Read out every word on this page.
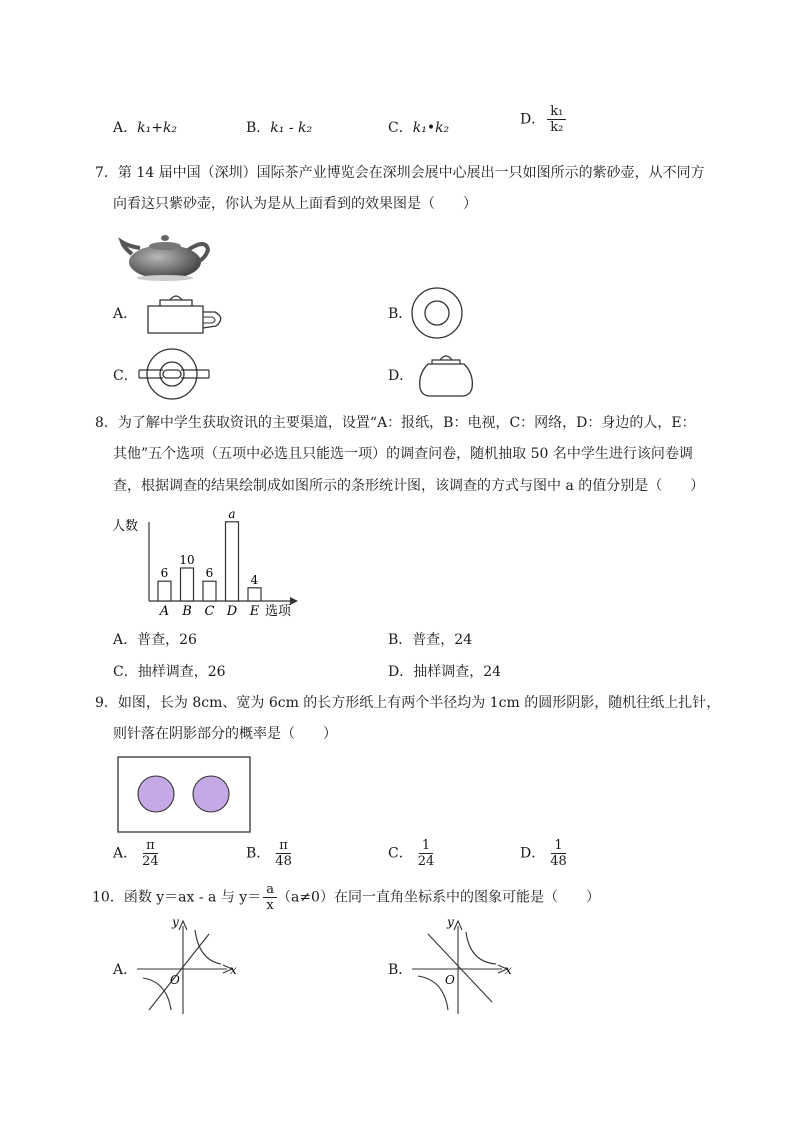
A．k₁+k₂	B．k₁ - k₂	C．k₁•k₂
D． $\frac{\text{k₁}}{\text{k₂}}$
7．第 14 届中国（深圳）国际茶产业博览会在深圳会展中心展出一只如图所示的紫砂壶，从不同方
向看这只紫砂壶，你认为是从上面看到的效果图是（　　）
A．	B．
C．	D．
8．为了解中学生获取资讯的主要渠道，设置“A：报纸，B：电视，C：网络，D：身边的人，E：
其他”五个选项（五项中必选且只能选一项）的调查问卷，随机抽取 50 名中学生进行该问卷调
查，根据调查的结果绘制成如图所示的条形统计图，该调查的方式与图中 a 的值分别是（　　）
人数
选项
6
A
10
B
6
C
a
D
4
E
A．普查，26	B．普查，24
C．抽样调查，26	D．抽样调查，24
9．如图，长为 8cm、宽为 6cm 的长方形纸上有两个半径均为 1cm 的圆形阴影，随机往纸上扎针，
则针落在阴影部分的概率是（　　）
A． $\frac{\pi}{24}$	B． $\frac{\pi}{48}$	C． $\frac{1}{24}$	D． $\frac{1}{48}$
10．函数 y＝ax - a 与 $y= \frac{a}{x} (a\ne 0)$在同一直角坐标系中的图象可能是（　　）
A．
y
x
O
B．
y
x
O
